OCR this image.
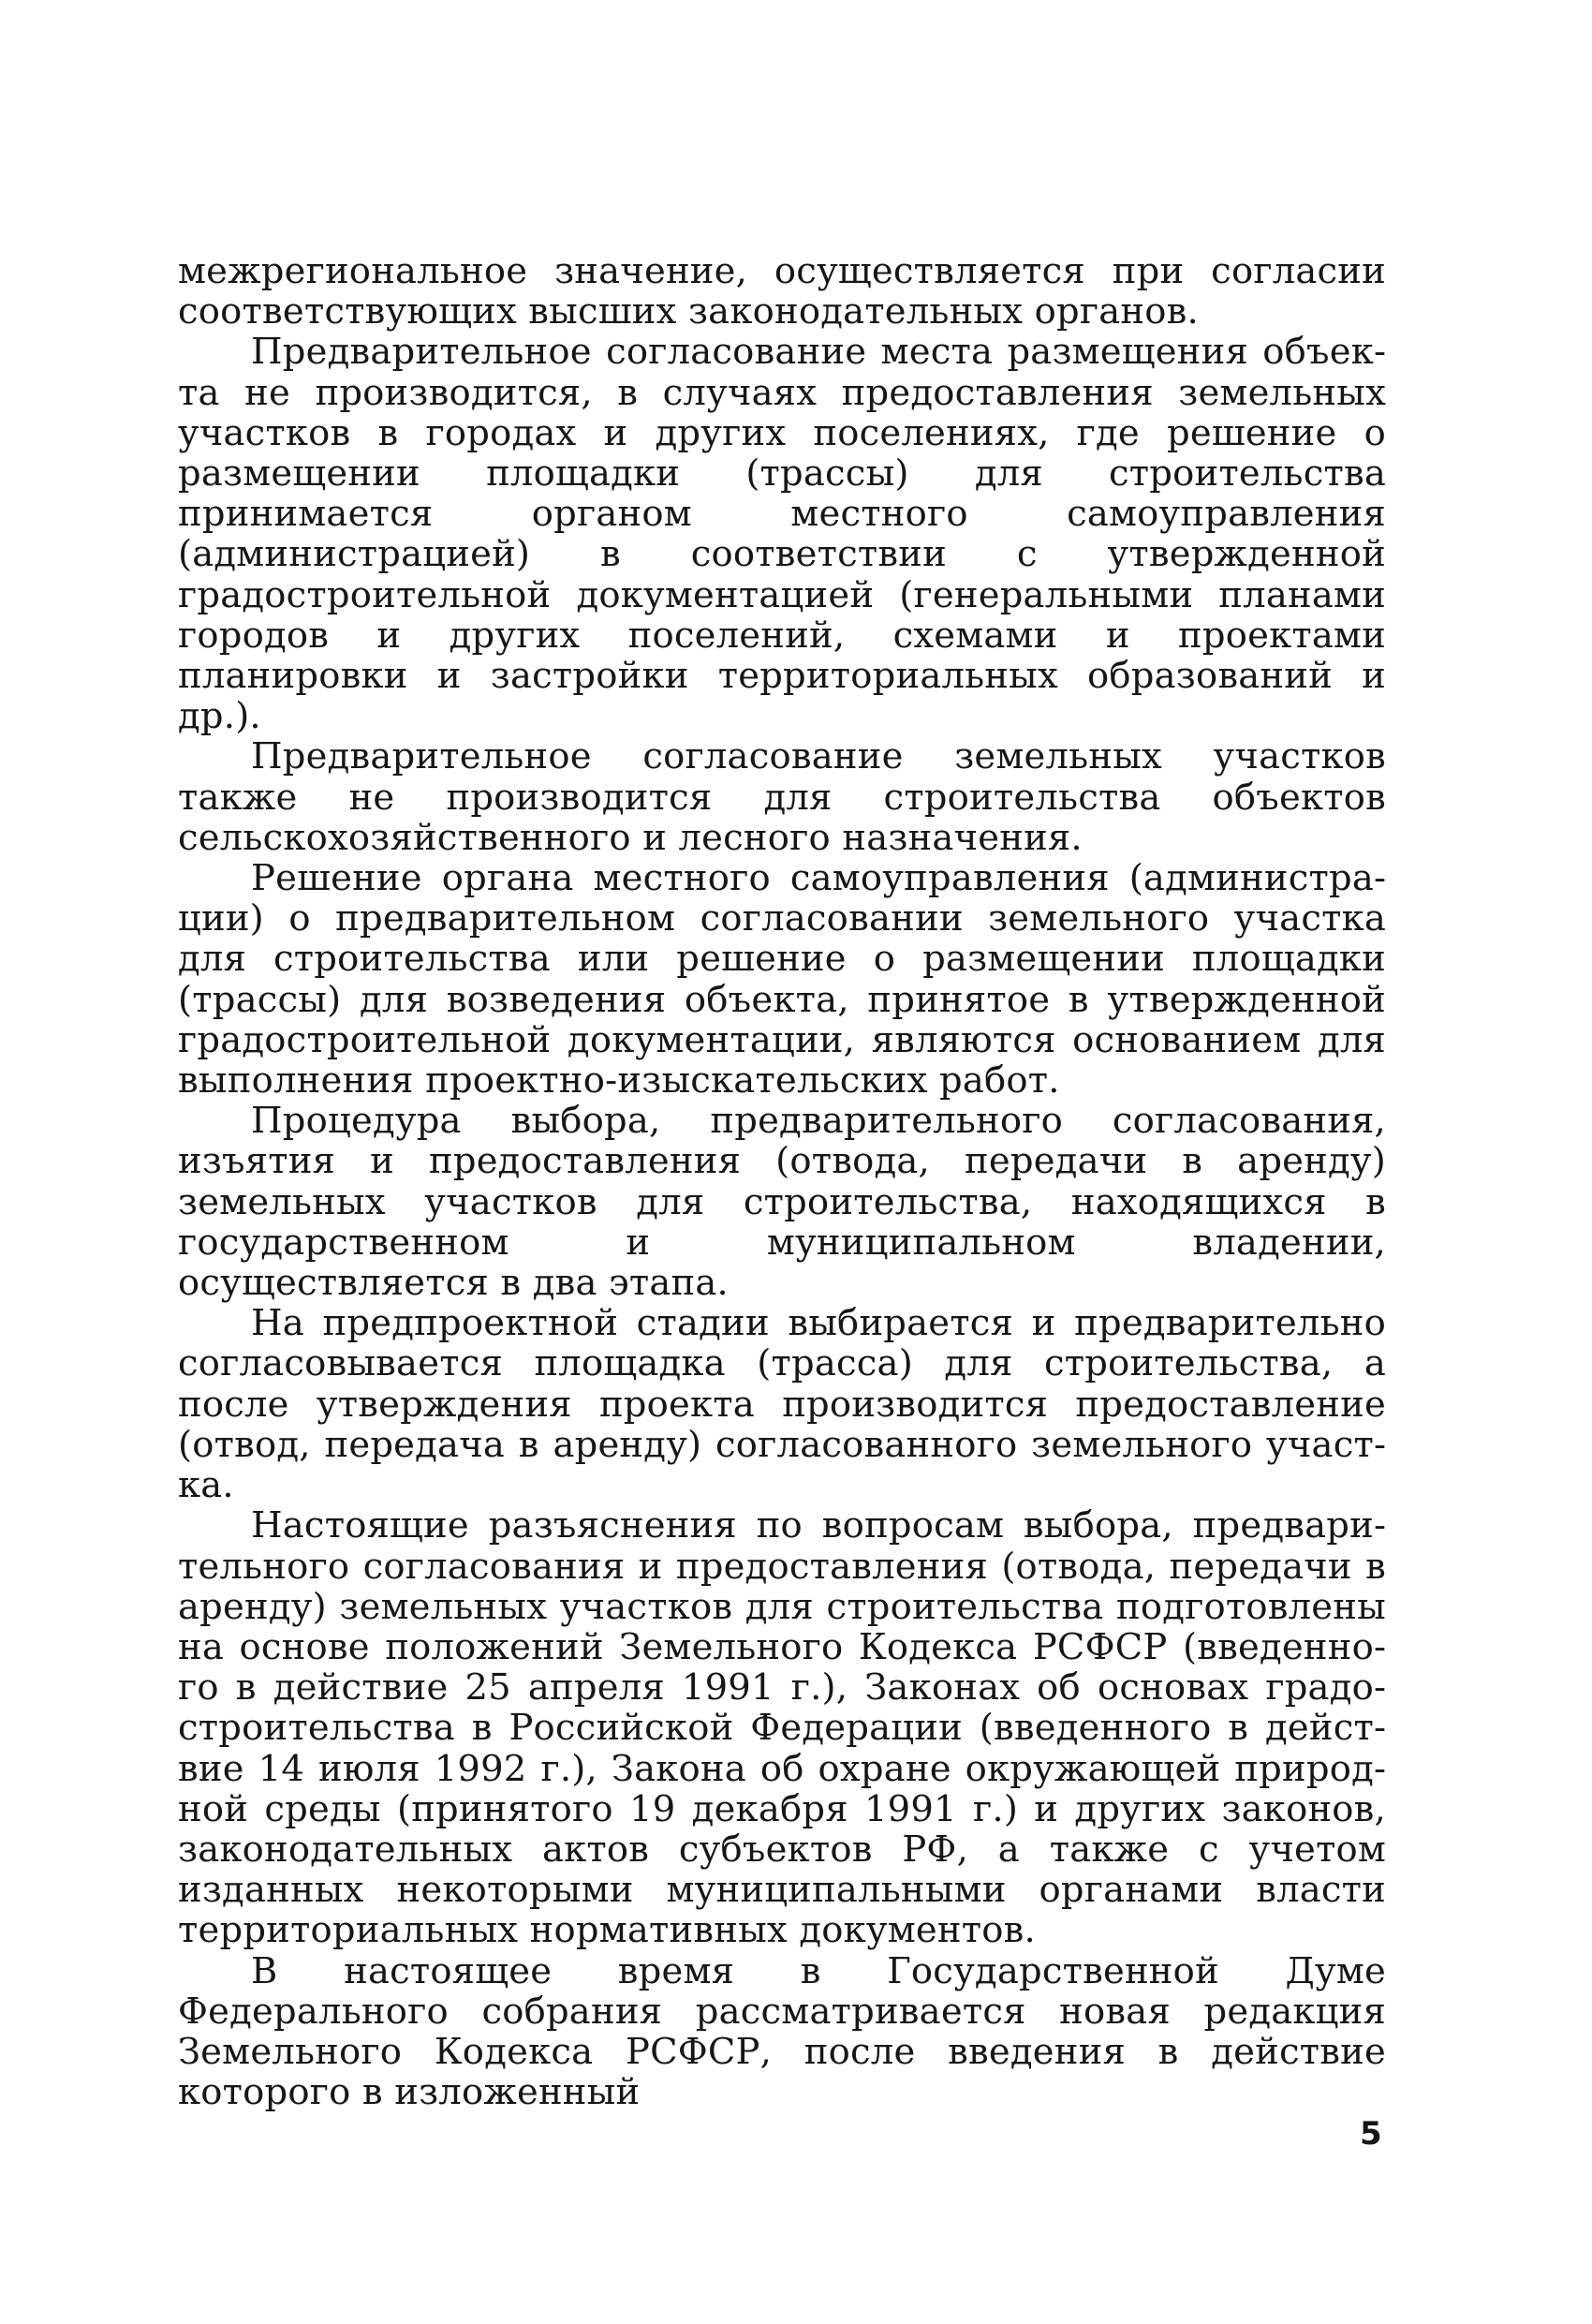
межрегиональное значение, осуществляется при согласии соответствующих высших законодательных органов.

Предварительное согласование места размещения объекта не производится, в случаях предоставления земельных участков в городах и других поселениях, где решение о размещении площадки (трассы) для строительства принимается органом местного самоуправления (администрацией) в соответствии с утвержденной градостроительной документацией (генеральными планами городов и других поселений, схемами и проектами планировки и застройки территориальных образований и др.).

Предварительное согласование земельных участков также не производится для строительства объектов сельскохозяйственного и лесного назначения.

Решение органа местного самоуправления (администрации) о предварительном согласовании земельного участка для строительства или решение о размещении площадки (трассы) для возведения объекта, принятое в утвержденной градостроительной документации, являются основанием для выполнения проектно-изыскательских работ.

Процедура выбора, предварительного согласования, изъятия и предоставления (отвода, передачи в аренду) земельных участков для строительства, находящихся в государственном и муниципальном владении, осуществляется в два этапа.

На предпроектной стадии выбирается и предварительно согласовывается площадка (трасса) для строительства, а после утверждения проекта производится предоставление (отвод, передача в аренду) согласованного земельного участка.

Настоящие разъяснения по вопросам выбора, предварительного согласования и предоставления (отвода, передачи в аренду) земельных участков для строительства подготовлены на основе положений Земельного Кодекса РСФСР (введенного в действие 25 апреля 1991 г.), Законах об основах градостроительства в Российской Федерации (введенного в действие 14 июля 1992 г.), Закона об охране окружающей природной среды (принятого 19 декабря 1991 г.) и других законов, законодательных актов субъектов РФ, а также с учетом изданных некоторыми муниципальными органами власти территориальных нормативных документов.

В настоящее время в Государственной Думе Федерального собрания рассматривается новая редакция Земельного Кодекса РСФСР, после введения в действие которого в изложенный

5
